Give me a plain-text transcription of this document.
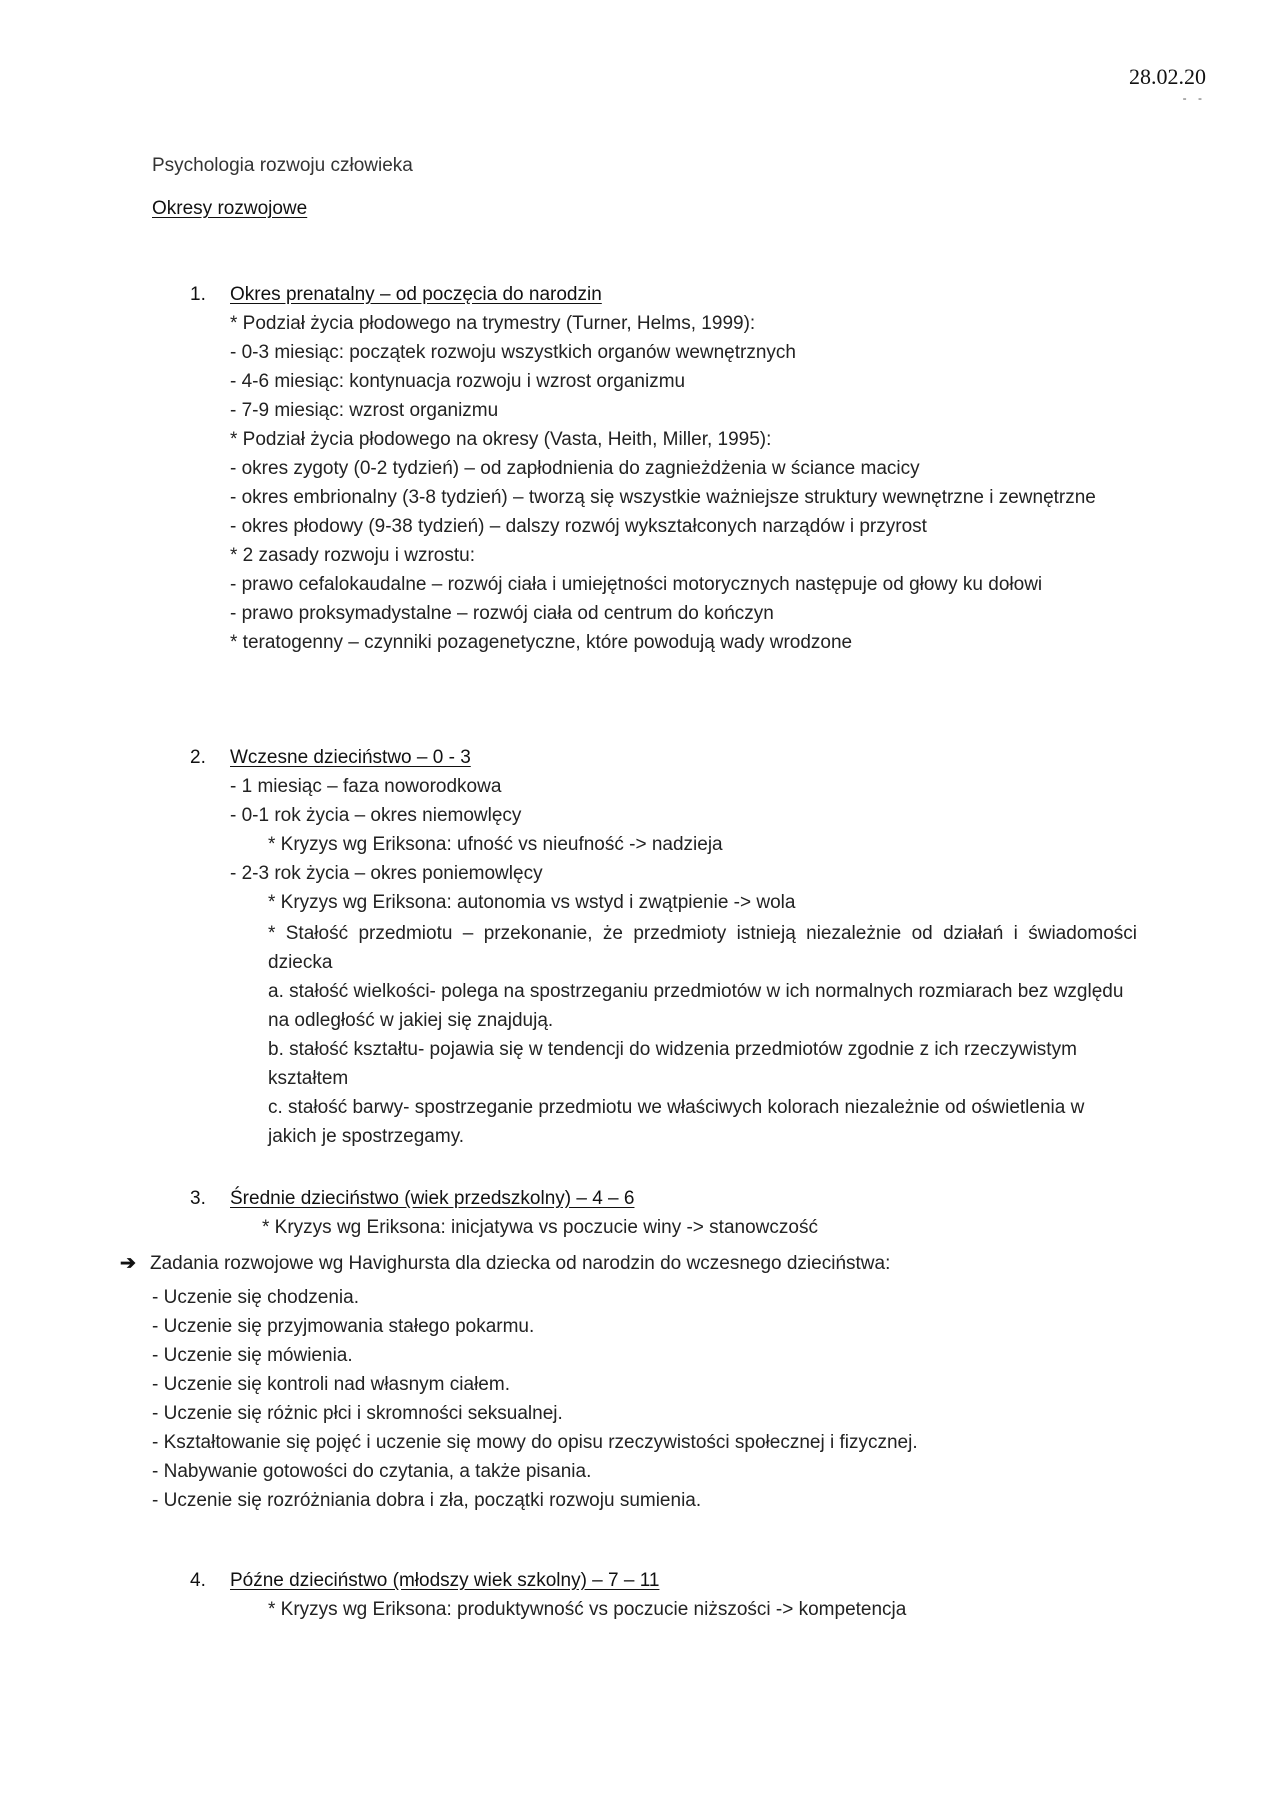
28.02.20
- -
Psychologia rozwoju człowieka
Okresy rozwojowe
1. Okres prenatalny – od poczęcia do narodzin
* Podział życia płodowego na trymestry (Turner, Helms, 1999):
- 0-3 miesiąc: początek rozwoju wszystkich organów wewnętrznych
- 4-6 miesiąc: kontynuacja rozwoju i wzrost organizmu
- 7-9 miesiąc: wzrost organizmu
* Podział życia płodowego na okresy (Vasta, Heith, Miller, 1995):
- okres zygoty (0-2 tydzień) – od zapłodnienia do zagnieżdżenia w ściance macicy
- okres embrionalny (3-8 tydzień) – tworzą się wszystkie ważniejsze struktury wewnętrzne i zewnętrzne
- okres płodowy (9-38 tydzień) – dalszy rozwój wykształconych narządów i przyrost
* 2 zasady rozwoju i wzrostu:
- prawo cefalokaudalne – rozwój ciała i umiejętności motorycznych następuje od głowy ku dołowi
- prawo proksymadystalne – rozwój ciała od centrum do kończyn
* teratogenny – czynniki pozagenetyczne, które powodują wady wrodzone
2. Wczesne dzieciństwo – 0 - 3
- 1 miesiąc – faza noworodkowa
- 0-1 rok życia – okres niemowlęcy
* Kryzys wg Eriksona: ufność vs nieufność -> nadzieja
- 2-3 rok życia – okres poniemowlęcy
* Kryzys wg Eriksona: autonomia vs wstyd i zwątpienie -> wola
* Stałość przedmiotu – przekonanie, że przedmioty istnieją niezależnie od działań i świadomości dziecka
a. stałość wielkości- polega na spostrzeganiu przedmiotów w ich normalnych rozmiarach bez względu na odległość w jakiej się znajdują.
b. stałość kształtu- pojawia się w tendencji do widzenia przedmiotów zgodnie z ich rzeczywistym kształtem
c. stałość barwy- spostrzeganie przedmiotu we właściwych kolorach niezależnie od oświetlenia w jakich je spostrzegamy.
3. Średnie dzieciństwo (wiek przedszkolny) – 4 – 6
* Kryzys wg Eriksona: inicjatywa vs poczucie winy -> stanowczość
➔ Zadania rozwojowe wg Havighursta dla dziecka od narodzin do wczesnego dzieciństwa:
- Uczenie się chodzenia.
- Uczenie się przyjmowania stałego pokarmu.
- Uczenie się mówienia.
- Uczenie się kontroli nad własnym ciałem.
- Uczenie się różnic płci i skromności seksualnej.
- Kształtowanie się pojęć i uczenie się mowy do opisu rzeczywistości społecznej i fizycznej.
- Nabywanie gotowości do czytania, a także pisania.
- Uczenie się rozróżniania dobra i zła, początki rozwoju sumienia.
4. Późne dzieciństwo (młodszy wiek szkolny) – 7 – 11
* Kryzys wg Eriksona: produktywność vs poczucie niższości -> kompetencja
